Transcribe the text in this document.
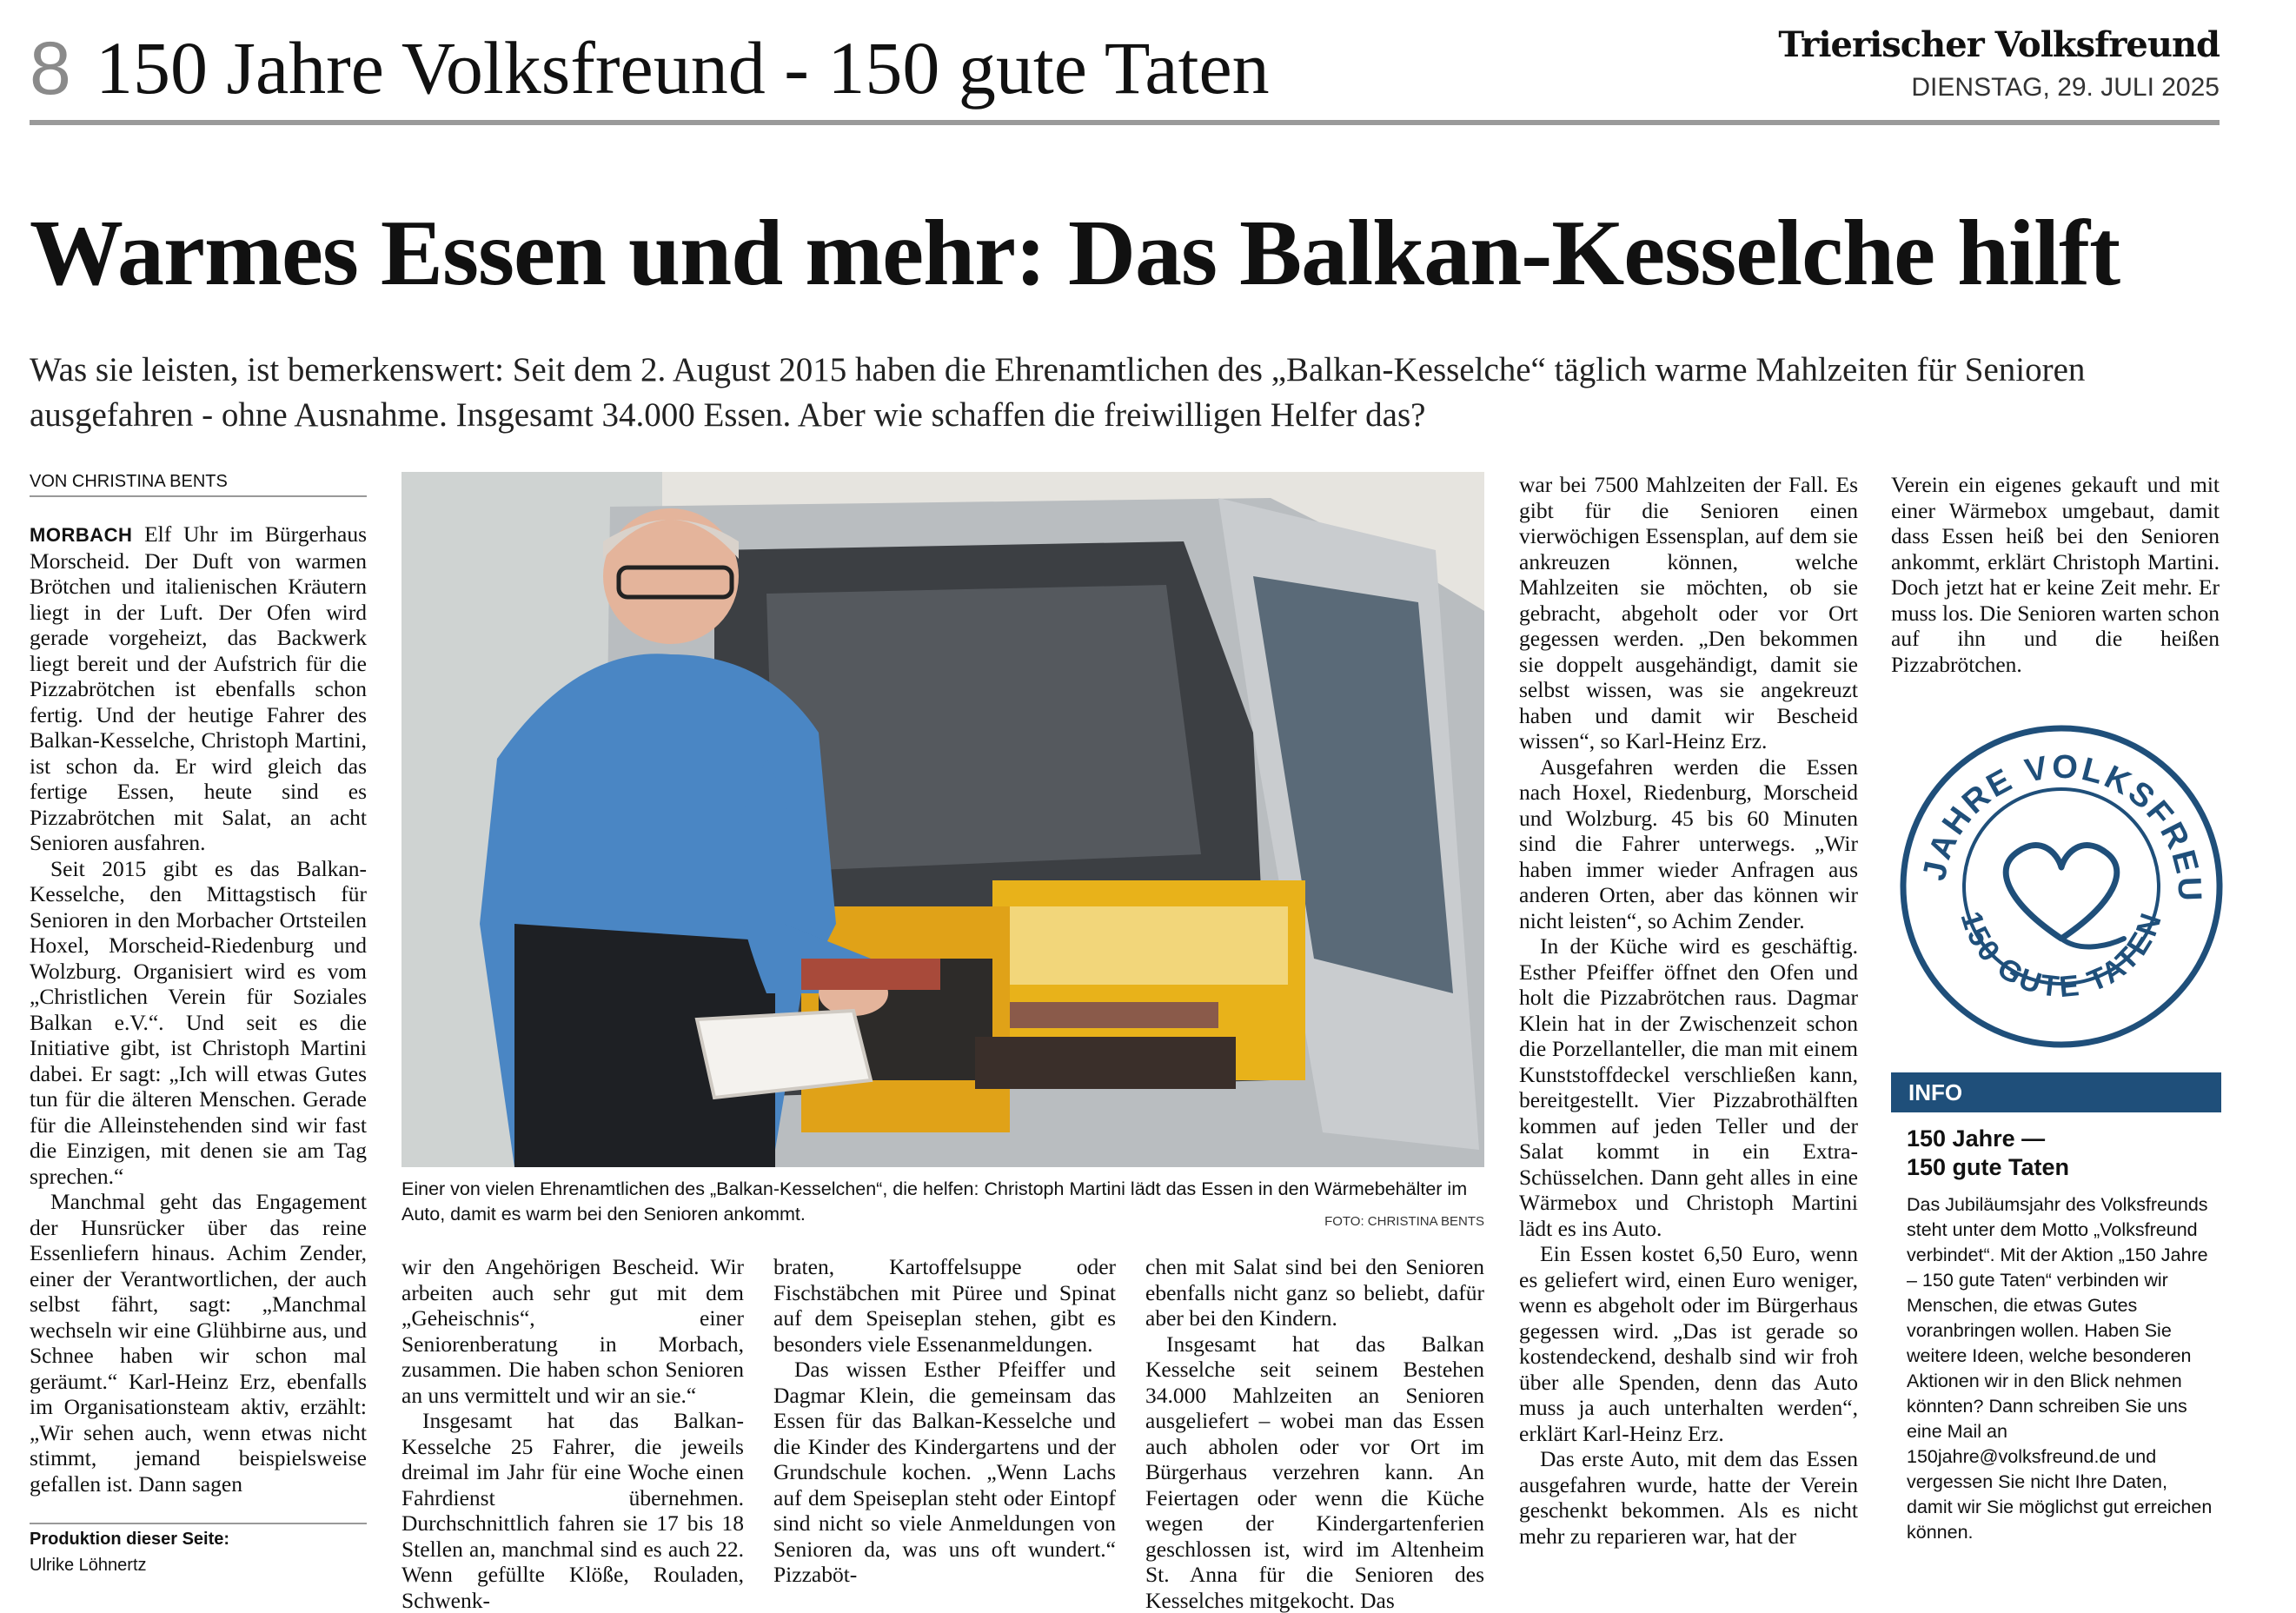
8 150 Jahre Volksfreund - 150 gute Taten	Trierischer Volksfreund
DIENSTAG, 29. JULI 2025
Warmes Essen und mehr: Das Balkan-Kesselche hilft
Was sie leisten, ist bemerkenswert: Seit dem 2. August 2015 haben die Ehrenamtlichen des „Balkan-Kesselche“ täglich warme Mahlzeiten für Senioren ausgefahren - ohne Ausnahme. Insgesamt 34.000 Essen. Aber wie schaffen die freiwilligen Helfer das?
VON CHRISTINA BENTS

MORBACH Elf Uhr im Bürgerhaus Morscheid. Der Duft von warmen Brötchen und italienischen Kräutern liegt in der Luft. Der Ofen wird gerade vorgeheizt, das Backwerk liegt bereit und der Aufstrich für die Pizzabrötchen ist ebenfalls schon fertig. Und der heutige Fahrer des Balkan-Kesselche, Christoph Martini, ist schon da. Er wird gleich das fertige Essen, heute sind es Pizzabrötchen mit Salat, an acht Senioren ausfahren.

Seit 2015 gibt es das Balkan-Kesselche, den Mittagstisch für Senioren in den Morbacher Ortsteilen Hoxel, Morscheid-Riedenburg und Wolzburg. Organisiert wird es vom „Christlichen Verein für Soziales Balkan e.V.“. Und seit es die Initiative gibt, ist Christoph Martini dabei. Er sagt: „Ich will etwas Gutes tun für die älteren Menschen. Gerade für die Alleinstehenden sind wir fast die Einzigen, mit denen sie am Tag sprechen.“

Manchmal geht das Engagement der Hunsrücker über das reine Essenliefern hinaus. Achim Zender, einer der Verantwortlichen, der auch selbst fährt, sagt: „Manchmal wechseln wir eine Glühbirne aus, und Schnee haben wir schon mal geräumt.“ Karl-Heinz Erz, ebenfalls im Organisationsteam aktiv, erzählt: „Wir sehen auch, wenn etwas nicht stimmt, jemand beispielsweise gefallen ist. Dann sagen

Produktion dieser Seite:
Ulrike Löhnertz
Einer von vielen Ehrenamtlichen des „Balkan-Kesselchen“, die helfen: Christoph Martini lädt das Essen in den Wärmebehälter im Auto, damit es warm bei den Senioren ankommt.	FOTO: CHRISTINA BENTS

wir den Angehörigen Bescheid. Wir arbeiten auch sehr gut mit dem „Geheischnis“, einer Seniorenberatung in Morbach, zusammen. Die haben schon Senioren an uns vermittelt und wir an sie.“

Insgesamt hat das Balkan-Kesselche 25 Fahrer, die jeweils dreimal im Jahr für eine Woche einen Fahrdienst übernehmen. Durchschnittlich fahren sie 17 bis 18 Stellen an, manchmal sind es auch 22. Wenn gefüllte Klöße, Rouladen, Schwenk-

braten, Kartoffelsuppe oder Fischstäbchen mit Püree und Spinat auf dem Speiseplan stehen, gibt es besonders viele Essenanmeldungen.

Das wissen Esther Pfeiffer und Dagmar Klein, die gemeinsam das Essen für das Balkan-Kesselche und die Kinder des Kindergartens und der Grundschule kochen. „Wenn Lachs auf dem Speiseplan steht oder Eintopf sind nicht so viele Anmeldungen von Senioren da, was uns oft wundert.“ Pizzaböt-

chen mit Salat sind bei den Senioren ebenfalls nicht ganz so beliebt, dafür aber bei den Kindern.

Insgesamt hat das Balkan Kesselche seit seinem Bestehen 34.000 Mahlzeiten an Senioren ausgeliefert – wobei man das Essen auch abholen oder vor Ort im Bürgerhaus verzehren kann. An Feiertagen oder wenn die Küche wegen der Kindergartenferien geschlossen ist, wird im Altenheim St. Anna für die Senioren des Kesselches mitgekocht. Das

war bei 7500 Mahlzeiten der Fall. Es gibt für die Senioren einen vierwöchigen Essensplan, auf dem sie ankreuzen können, welche Mahlzeiten sie möchten, ob sie gebracht, abgeholt oder vor Ort gegessen werden. „Den bekommen sie doppelt ausgehändigt, damit sie selbst wissen, was sie angekreuzt haben und damit wir Bescheid wissen“, so Karl-Heinz Erz.

Ausgefahren werden die Essen nach Hoxel, Riedenburg, Morscheid und Wolzburg. 45 bis 60 Minuten sind die Fahrer unterwegs. „Wir haben immer wieder Anfragen aus anderen Orten, aber das können wir nicht leisten“, so Achim Zender.

In der Küche wird es geschäftig. Esther Pfeiffer öffnet den Ofen und holt die Pizzabrötchen raus. Dagmar Klein hat in der Zwischenzeit schon die Porzellanteller, die man mit einem Kunststoffdeckel verschließen kann, bereitgestellt. Vier Pizzabrothälften kommen auf jeden Teller und der Salat kommt in ein Extra-Schüsselchen. Dann geht alles in eine Wärmebox und Christoph Martini lädt es ins Auto.

Ein Essen kostet 6,50 Euro, wenn es geliefert wird, einen Euro weniger, wenn es abgeholt oder im Bürgerhaus gegessen wird. „Das ist gerade so kostendeckend, deshalb sind wir froh über alle Spenden, denn das Auto muss ja auch unterhalten werden“, erklärt Karl-Heinz Erz.

Das erste Auto, mit dem das Essen ausgefahren wurde, hatte der Verein geschenkt bekommen. Als es nicht mehr zu reparieren war, hat der

Verein ein eigenes gekauft und mit einer Wärmebox umgebaut, damit dass Essen heiß bei den Senioren ankommt, erklärt Christoph Martini. Doch jetzt hat er keine Zeit mehr. Er muss los. Die Senioren warten schon auf ihn und die heißen Pizzabrötchen.

JAHRE VOLKSFREU
150 GUTE TATEN
INFO
150 Jahre —
150 gute Taten
Das Jubiläumsjahr des Volksfreunds steht unter dem Motto „Volksfreund verbindet“. Mit der Aktion „150 Jahre – 150 gute Taten“ verbinden wir Menschen, die etwas Gutes voranbringen wollen. Haben Sie weitere Ideen, welche besonderen Aktionen wir in den Blick nehmen könnten? Dann schreiben Sie uns eine Mail an 150jahre@volksfreund.de und vergessen Sie nicht Ihre Daten, damit wir Sie möglichst gut erreichen können.
